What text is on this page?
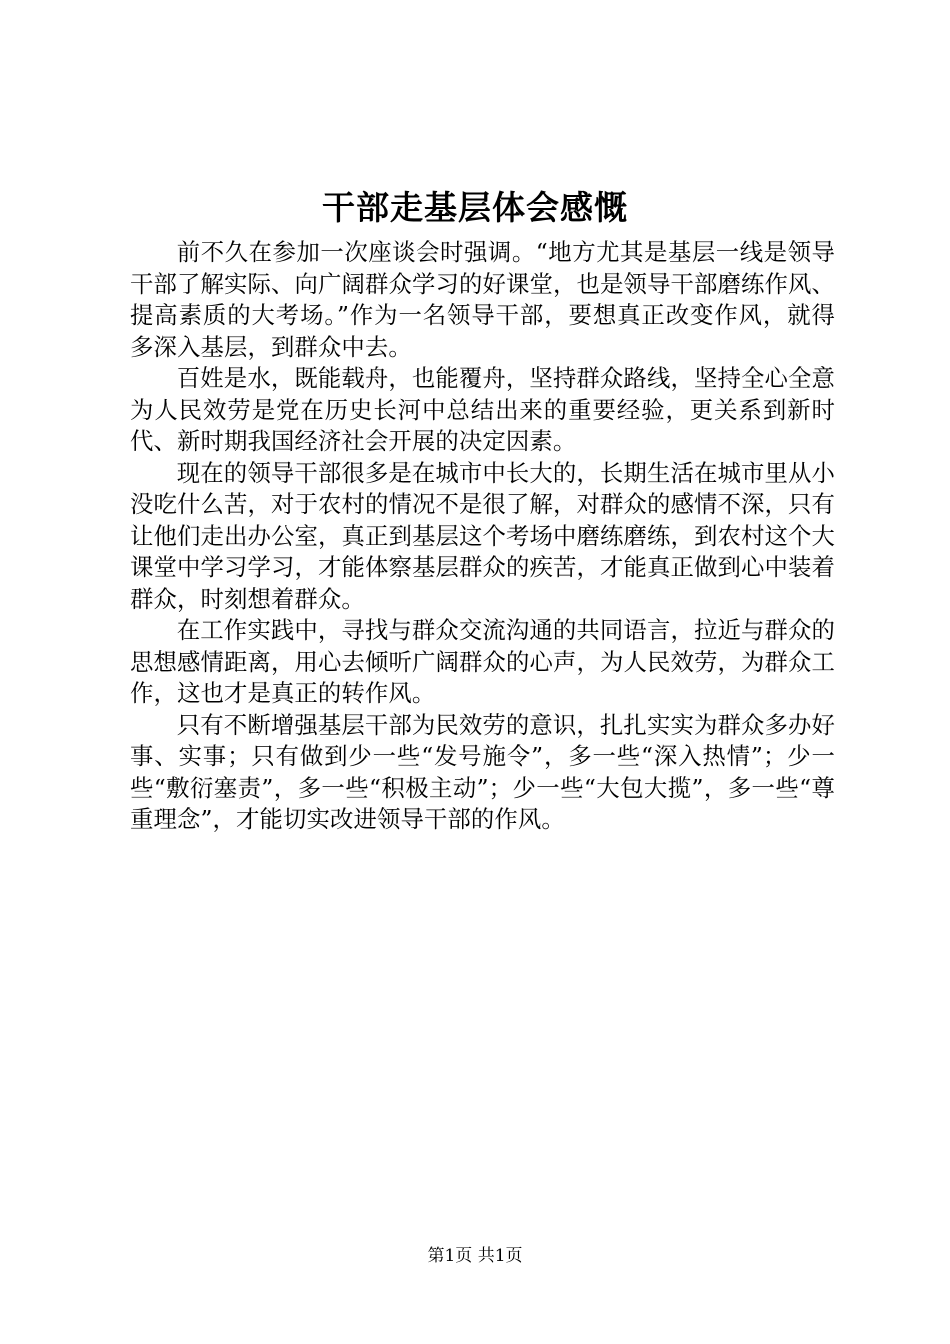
干部走基层体会感慨

前不久在参加一次座谈会时强调。“地方尤其是基层一线是领导干部了解实际、向广阔群众学习的好课堂，也是领导干部磨练作风、提高素质的大考场。”作为一名领导干部，要想真正改变作风，就得多深入基层，到群众中去。

百姓是水，既能载舟，也能覆舟，坚持群众路线，坚持全心全意为人民效劳是党在历史长河中总结出来的重要经验，更关系到新时代、新时期我国经济社会开展的决定因素。

现在的领导干部很多是在城市中长大的，长期生活在城市里从小没吃什么苦，对于农村的情况不是很了解，对群众的感情不深，只有让他们走出办公室，真正到基层这个考场中磨练磨练，到农村这个大课堂中学习学习，才能体察基层群众的疾苦，才能真正做到心中装着群众，时刻想着群众。

在工作实践中，寻找与群众交流沟通的共同语言，拉近与群众的思想感情距离，用心去倾听广阔群众的心声，为人民效劳，为群众工作，这也才是真正的转作风。

只有不断增强基层干部为民效劳的意识，扎扎实实为群众多办好事、实事；只有做到少一些“发号施令”，多一些“深入热情”；少一些“敷衍塞责”，多一些“积极主动”；少一些“大包大揽”，多一些“尊重理念”，才能切实改进领导干部的作风。

第1页 共1页
